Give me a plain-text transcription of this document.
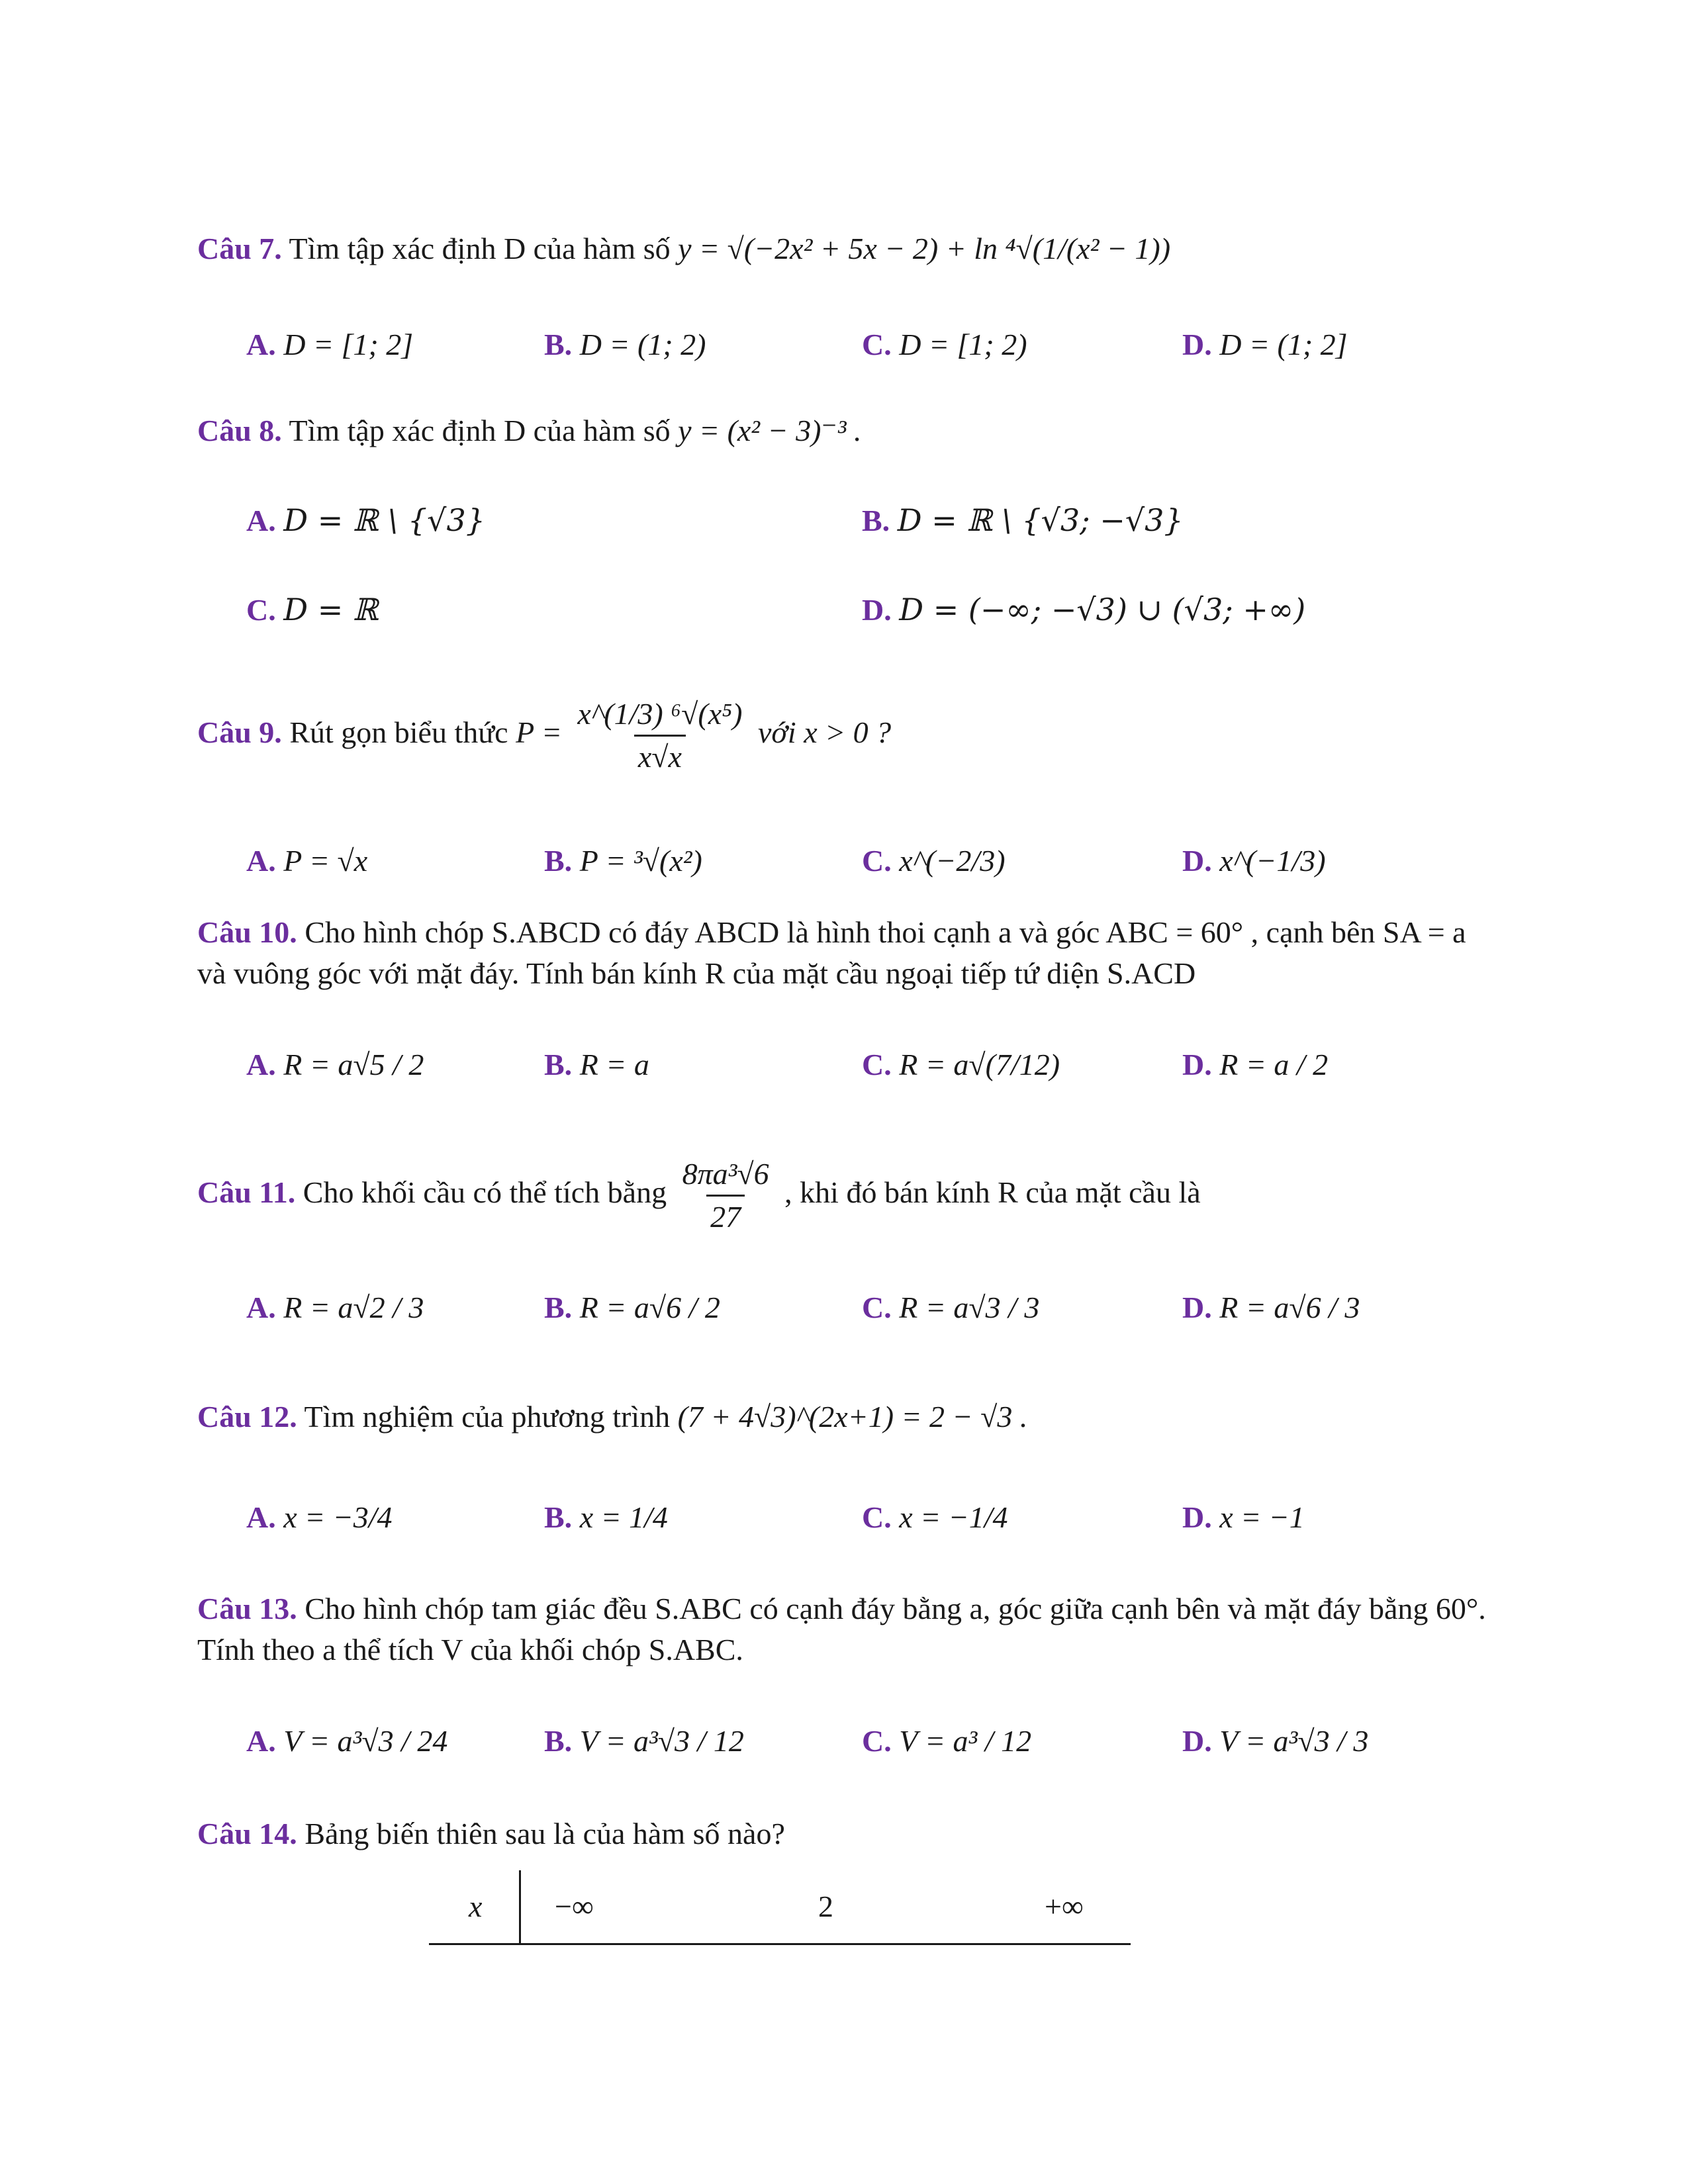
Câu 7. Tìm tập xác định D của hàm số y = √(−2x² + 5x − 2) + ln ⁴√(1/(x² − 1))
A. D = [1; 2]	B. D = (1; 2)	C. D = [1; 2)	D. D = (1; 2]
Câu 8. Tìm tập xác định D của hàm số y = (x² − 3)⁻³ .
A. D = ℝ \ {√3}	B. D = ℝ \ {√3; −√3}
C. D = ℝ	D. D = (−∞; −√3) ∪ (√3; +∞)
Câu 9. Rút gọn biểu thức $P = \frac{\text{x\textasciicircum{}(1/3) ⁶√(x⁵)}}{x√x}$ với x > 0 ?
A. P = √x	B. P = ³√(x²)	C. x^(−2/3)	D. x^(−1/3)
Câu 10. Cho hình chóp S.ABCD có đáy ABCD là hình thoi cạnh a và góc ABC = 60° , cạnh bên SA = a và vuông góc với mặt đáy. Tính bán kính R của mặt cầu ngoại tiếp tứ diện S.ACD
A. R = a√5 / 2	B. R = a	C. R = a√(7/12)	D. R = a / 2
Câu 11. Cho khối cầu có thể tích bằng $\frac{\text{8πa³√6}}{27}$ , khi đó bán kính R của mặt cầu là
A. R = a√2 / 3	B. R = a√6 / 2	C. R = a√3 / 3	D. R = a√6 / 3
Câu 12. Tìm nghiệm của phương trình (7 + 4√3)^(2x+1) = 2 − √3 .
A. x = −3/4	B. x = 1/4	C. x = −1/4	D. x = −1
Câu 13. Cho hình chóp tam giác đều S.ABC có cạnh đáy bằng a, góc giữa cạnh bên và mặt đáy bằng 60°. Tính theo a thể tích V của khối chóp S.ABC.
A. V = a³√3 / 24	B. V = a³√3 / 12	C. V = a³ / 12	D. V = a³√3 / 3
Câu 14. Bảng biến thiên sau là của hàm số nào?
x −∞	2	+∞
